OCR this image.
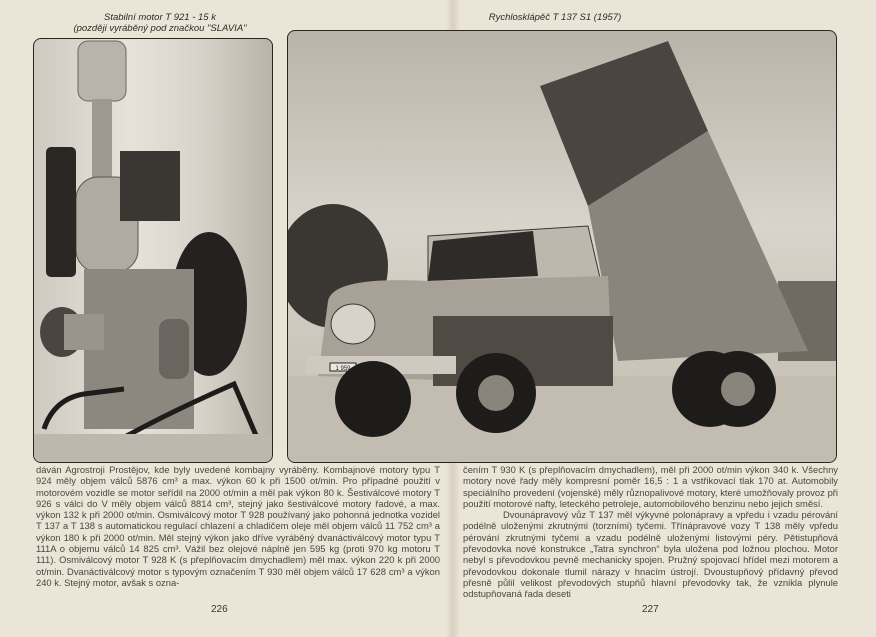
Stabilní motor T 921 - 15 k
(později vyráběný pod značkou "SLAVIA"
Rychlosklápěč T 137 S1 (1957)
1 959

dáván Agrostroji Prostějov, kde byly uvedené kombajny vyráběny. Kombajnové motory typu T 924 měly objem válců 5876 cm³ a max. výkon 60 k při 1500 ot/min. Pro případné použití v motorovém vozidle se motor seřídil na 2000 ot/min a měl pak výkon 80 k. Šestiválcové motory T 926 s válci do V měly objem válců 8814 cm³, stejný jako šestiválcové motory řadové, a max. výkon 132 k při 2000 ot/min. Osmiválcový motor T 928 používaný jako pohonná jednotka vozidel T 137 a T 138 s automatickou regulací chlazení a chladičem oleje měl objem válců 11 752 cm³ a výkon 180 k při 2000 ot/min. Měl stejný výkon jako dříve vyráběný dvanáctiválcový motor typu T 111A o objemu válců 14 825 cm³. Vážil bez olejové náplně jen 595 kg (proti 970 kg motoru T 111). Osmiválcový motor T 928 K (s přeplňovacím dmychadlem) měl max. výkon 220 k při 2000 ot/min. Dvanáctiválcový motor s typovým označením T 930 měl objem válců 17 628 cm³ a výkon 240 k. Stejný motor, avšak s ozna-

čením T 930 K (s přeplňovacím dmychadlem), měl při 2000 ot/min výkon 340 k. Všechny motory nové řady měly kompresní poměr 16,5 : 1 a vstřikovací tlak 170 at. Automobily speciálního provedení (vojenské) měly různopalivové motory, které umožňovaly provoz při použití motorové nafty, leteckého petroleje, automobilového benzinu nebo jejich směsí.

Dvounápravový vůz T 137 měl výkyvné polonápravy a vpředu i vzadu pérování podélně uloženými zkrutnými (torzními) tyčemi. Třínápravové vozy T 138 měly vpředu pérování zkrutnými tyčemi a vzadu podélně uloženými listovými péry. Pětistupňová převodovka nové konstrukce „Tatra synchron“ byla uložena pod ložnou plochou. Motor nebyl s převodovkou pevně mechanicky spojen. Pružný spojovací hřídel mezi motorem a převodovkou dokonale tlumil nárazy v hnacím ústrojí. Dvoustupňový přídavný převod přesně půlil velikost převodových stupňů hlavní převodovky tak, že vznikla plynule odstupňovaná řada deseti

226	227
